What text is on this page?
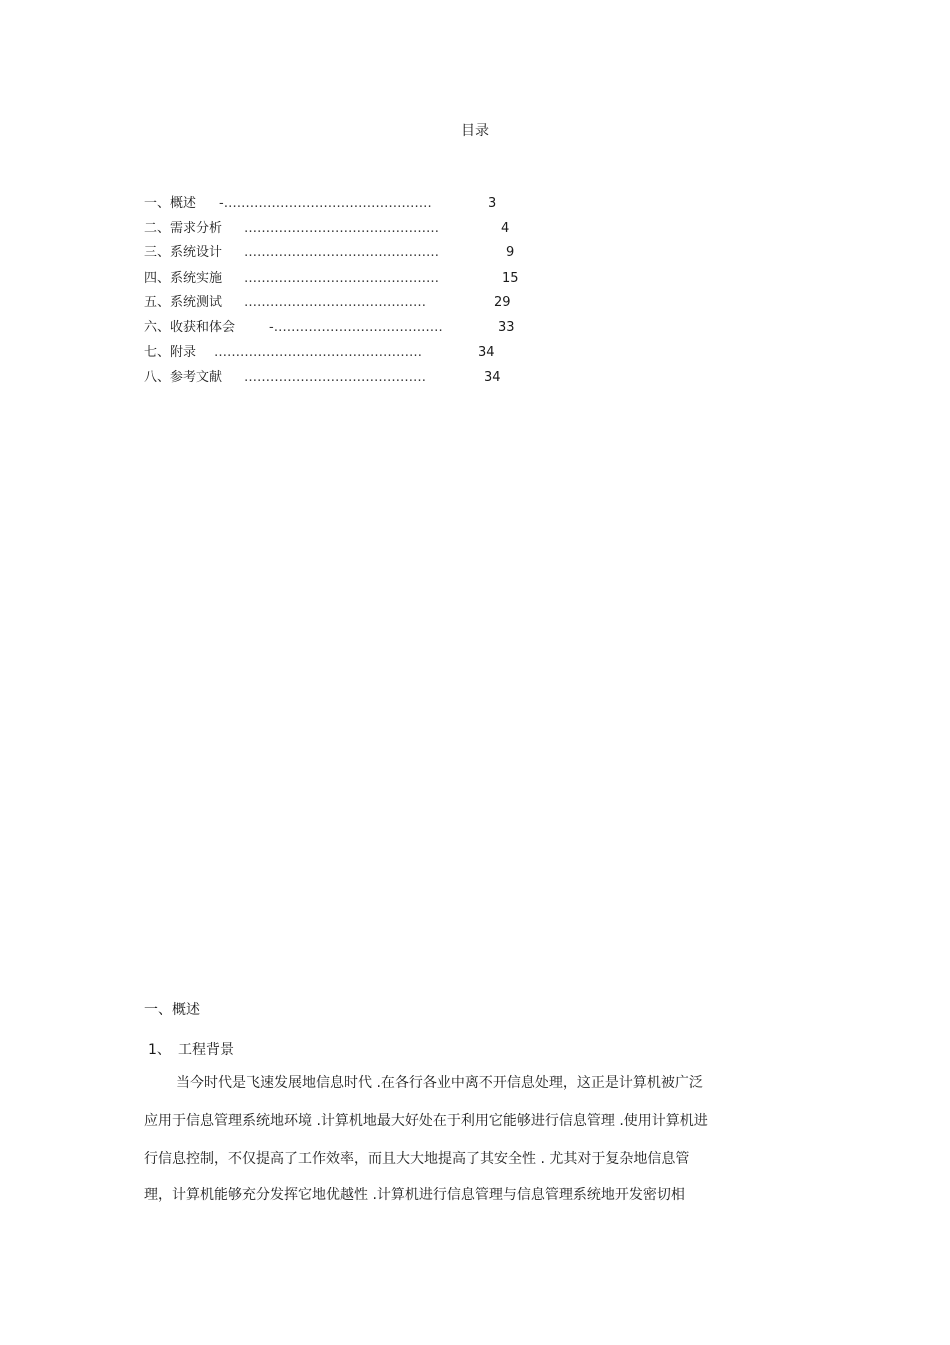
目录
一、概述 -…………………………………………	3
二、需求分析 ………………………………………	4
三、系统设计 ………………………………………	9
四、系统实施 ………………………………………	15
五、系统测试 ……………………………………	29
六、收获和体会	-…………………………………	33
七、附录 …………………………………………	34
八、参考文献 ……………………………………	34
一、概述
1、 工程背景
当今时代是飞速发展地信息时代 .在各行各业中离不开信息处理，这正是计算机被广泛
应用于信息管理系统地环境 .计算机地最大好处在于利用它能够进行信息管理 .使用计算机进
行信息控制，不仅提高了工作效率，而且大大地提高了其安全性 . 尤其对于复杂地信息管
理，计算机能够充分发挥它地优越性 .计算机进行信息管理与信息管理系统地开发密切相
